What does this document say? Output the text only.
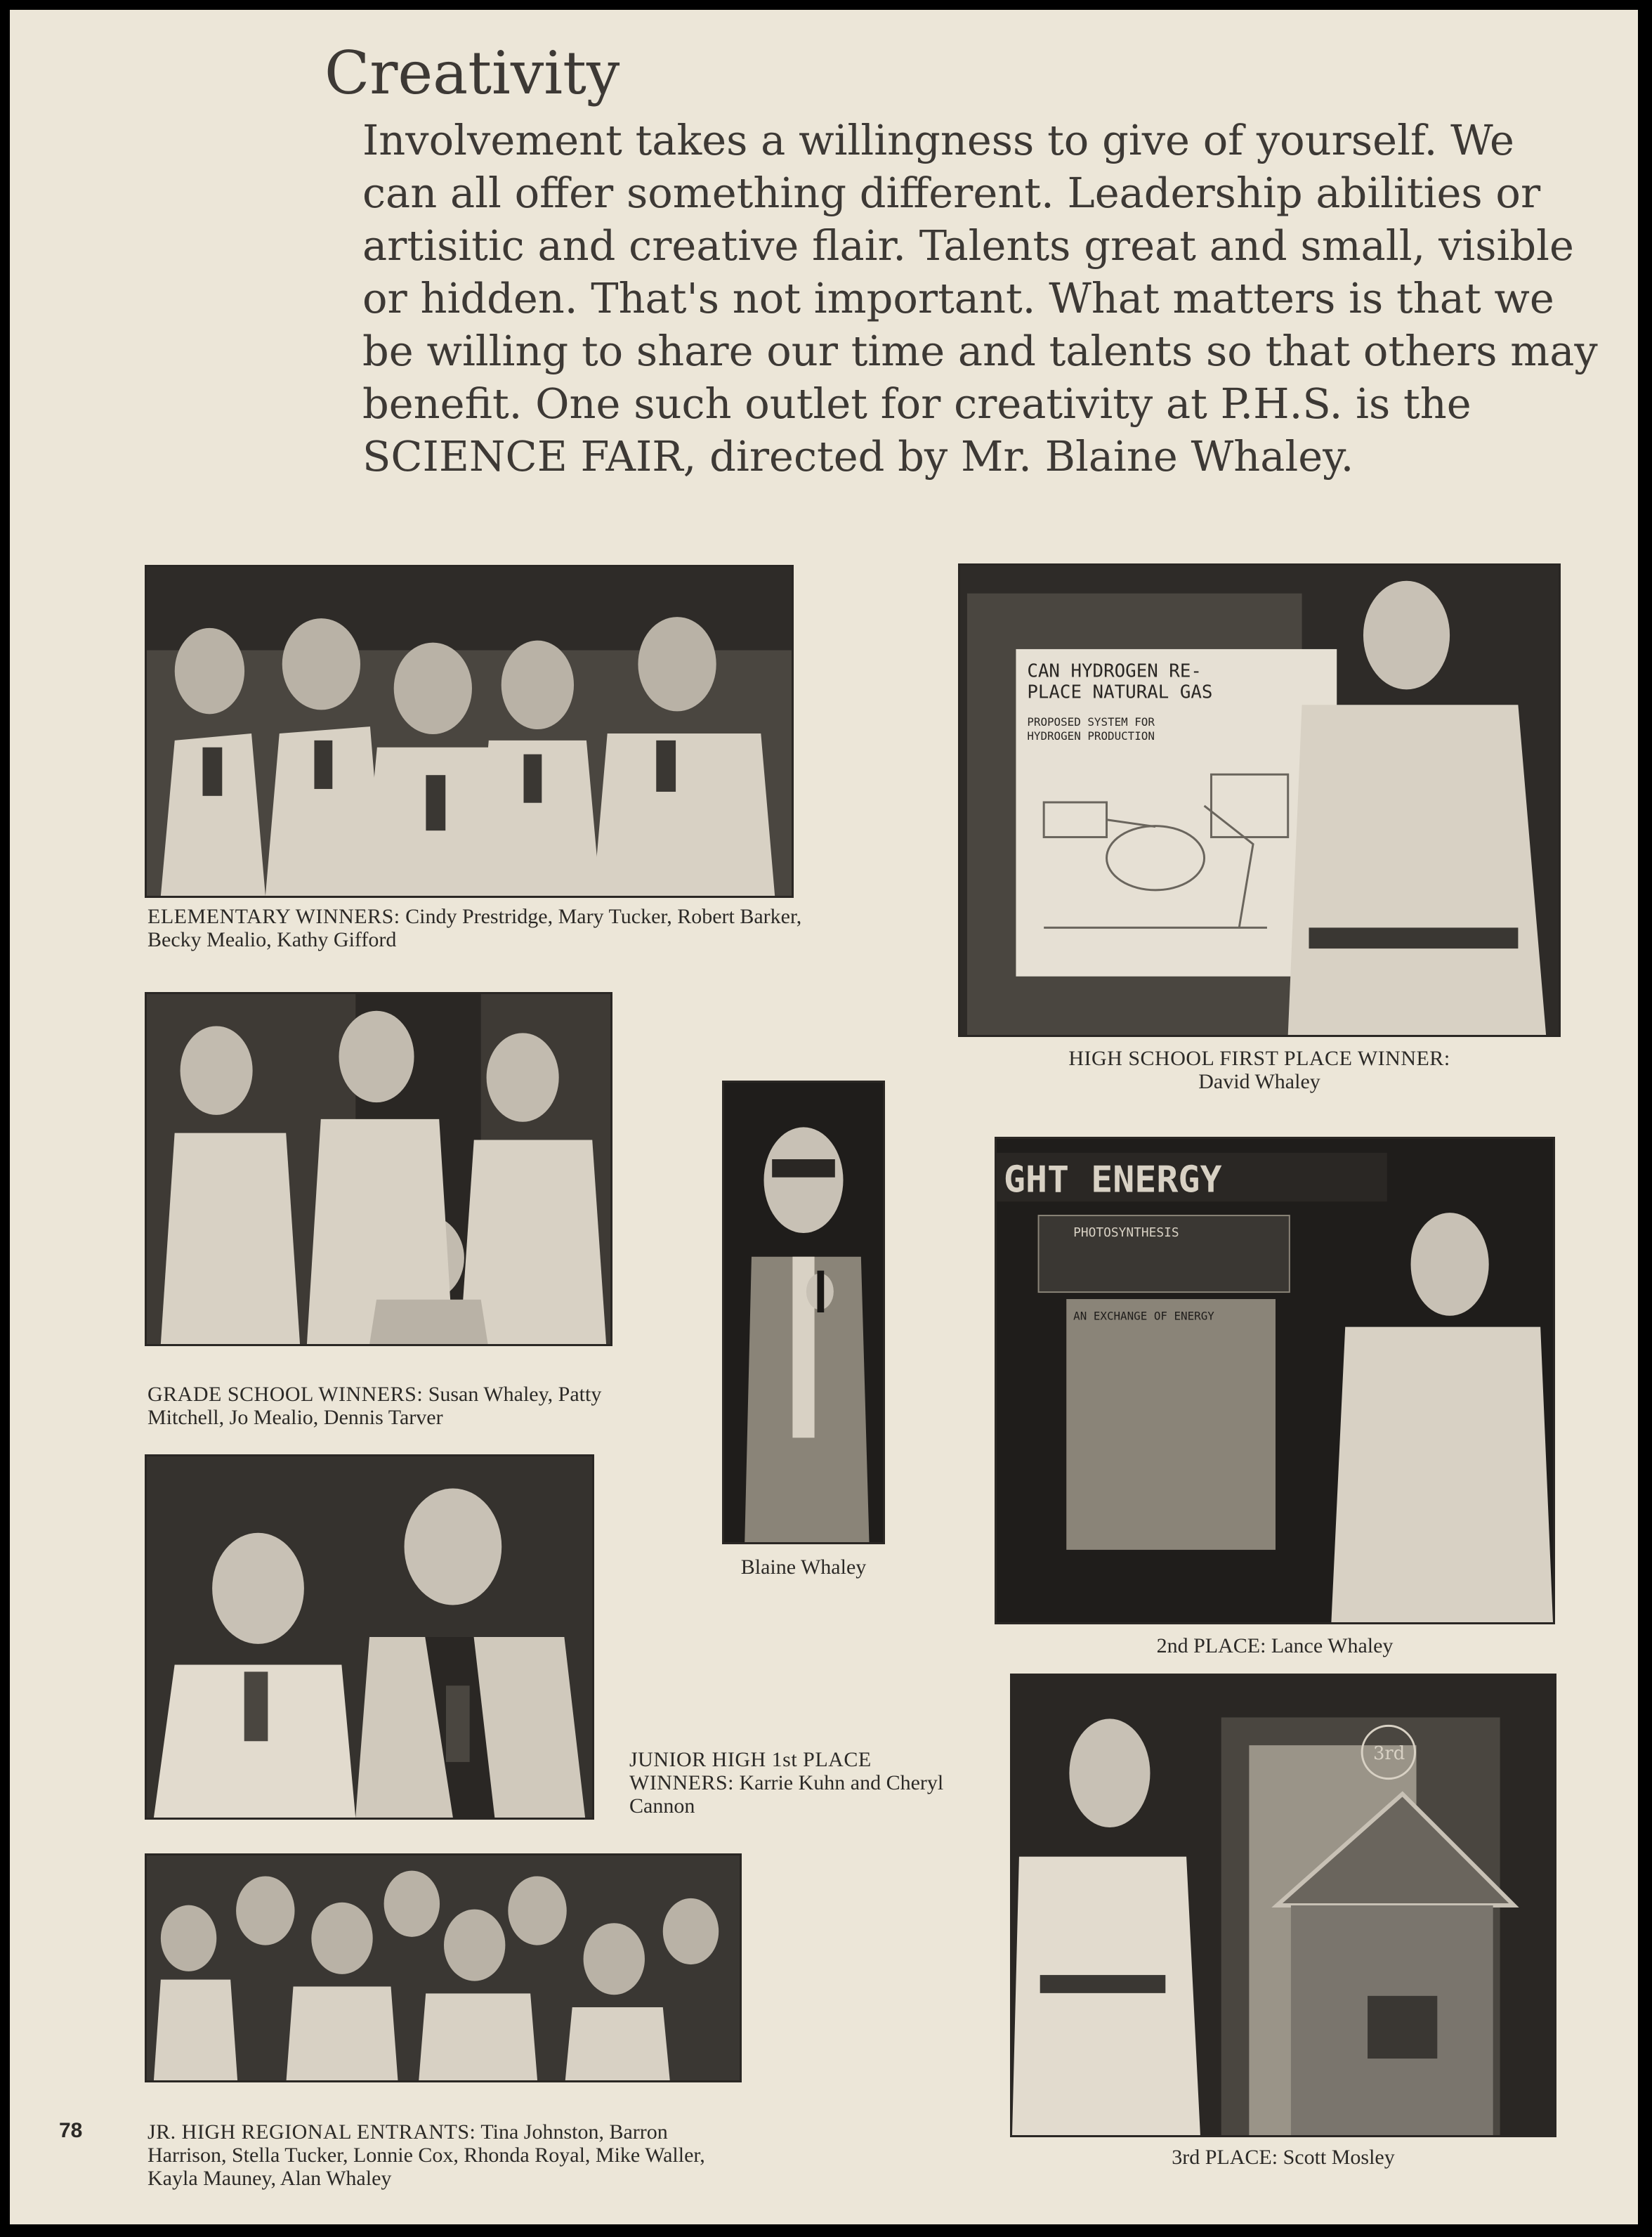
Creativity

Involvement takes a willingness to give of yourself. We can all offer something different. Leadership abilities or artisitic and creative flair. Talents great and small, visible or hidden. That's not important. What matters is that we be willing to share our time and talents so that others may benefit. One such outlet for creativity at P.H.S. is the SCIENCE FAIR, directed by Mr. Blaine Whaley.

ELEMENTARY WINNERS: Cindy Prestridge, Mary Tucker, Robert Barker, Becky Mealio, Kathy Gifford

GRADE SCHOOL WINNERS: Susan Whaley, Patty Mitchell, Jo Mealio, Dennis Tarver

JUNIOR HIGH 1st PLACE WINNERS: Karrie Kuhn and Cheryl Cannon

JR. HIGH REGIONAL ENTRANTS: Tina Johnston, Barron Harrison, Stella Tucker, Lonnie Cox, Rhonda Royal, Mike Waller, Kayla Mauney, Alan Whaley

Blaine Whaley

CAN HYDROGEN RE-
PLACE NATURAL GAS
PROPOSED SYSTEM FOR
HYDROGEN PRODUCTION

HIGH SCHOOL FIRST PLACE WINNER:
David Whaley

GHT ENERGY
PHOTOSYNTHESIS
AN EXCHANGE OF ENERGY

2nd PLACE: Lance Whaley

3rd

3rd PLACE: Scott Mosley

78
